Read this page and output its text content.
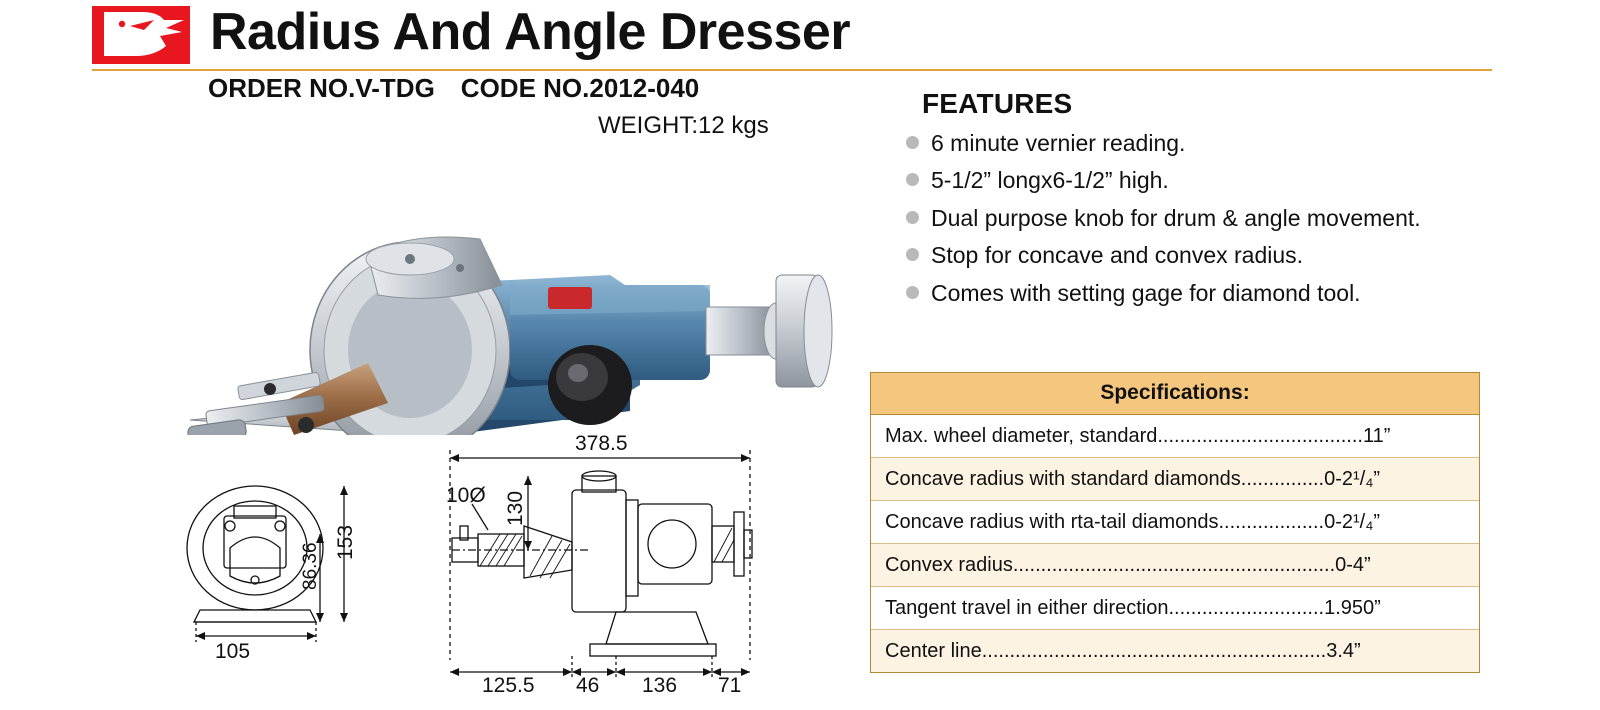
Radius And Angle Dresser
ORDER NO.V-TDG CODE NO.2012-040
WEIGHT:12 kgs
FEATURES
6 minute vernier reading.
5-1/2” longx6-1/2” high.
Dual purpose knob for drum & angle movement.
Stop for concave and convex radius.
Comes with setting gage for diamond tool.
Specifications:
Max. wheel diameter, standard.....................................11”
Concave radius with standard diamonds...............0-2¹/₄”
Concave radius with rta-tail diamonds...................0-2¹/₄”
Convex radius..........................................................0-4”
Tangent travel in either direction............................1.950”
Center line..............................................................3.4”
105
153
86.36
378.5
10Ø 130
125.5 46 136 71
